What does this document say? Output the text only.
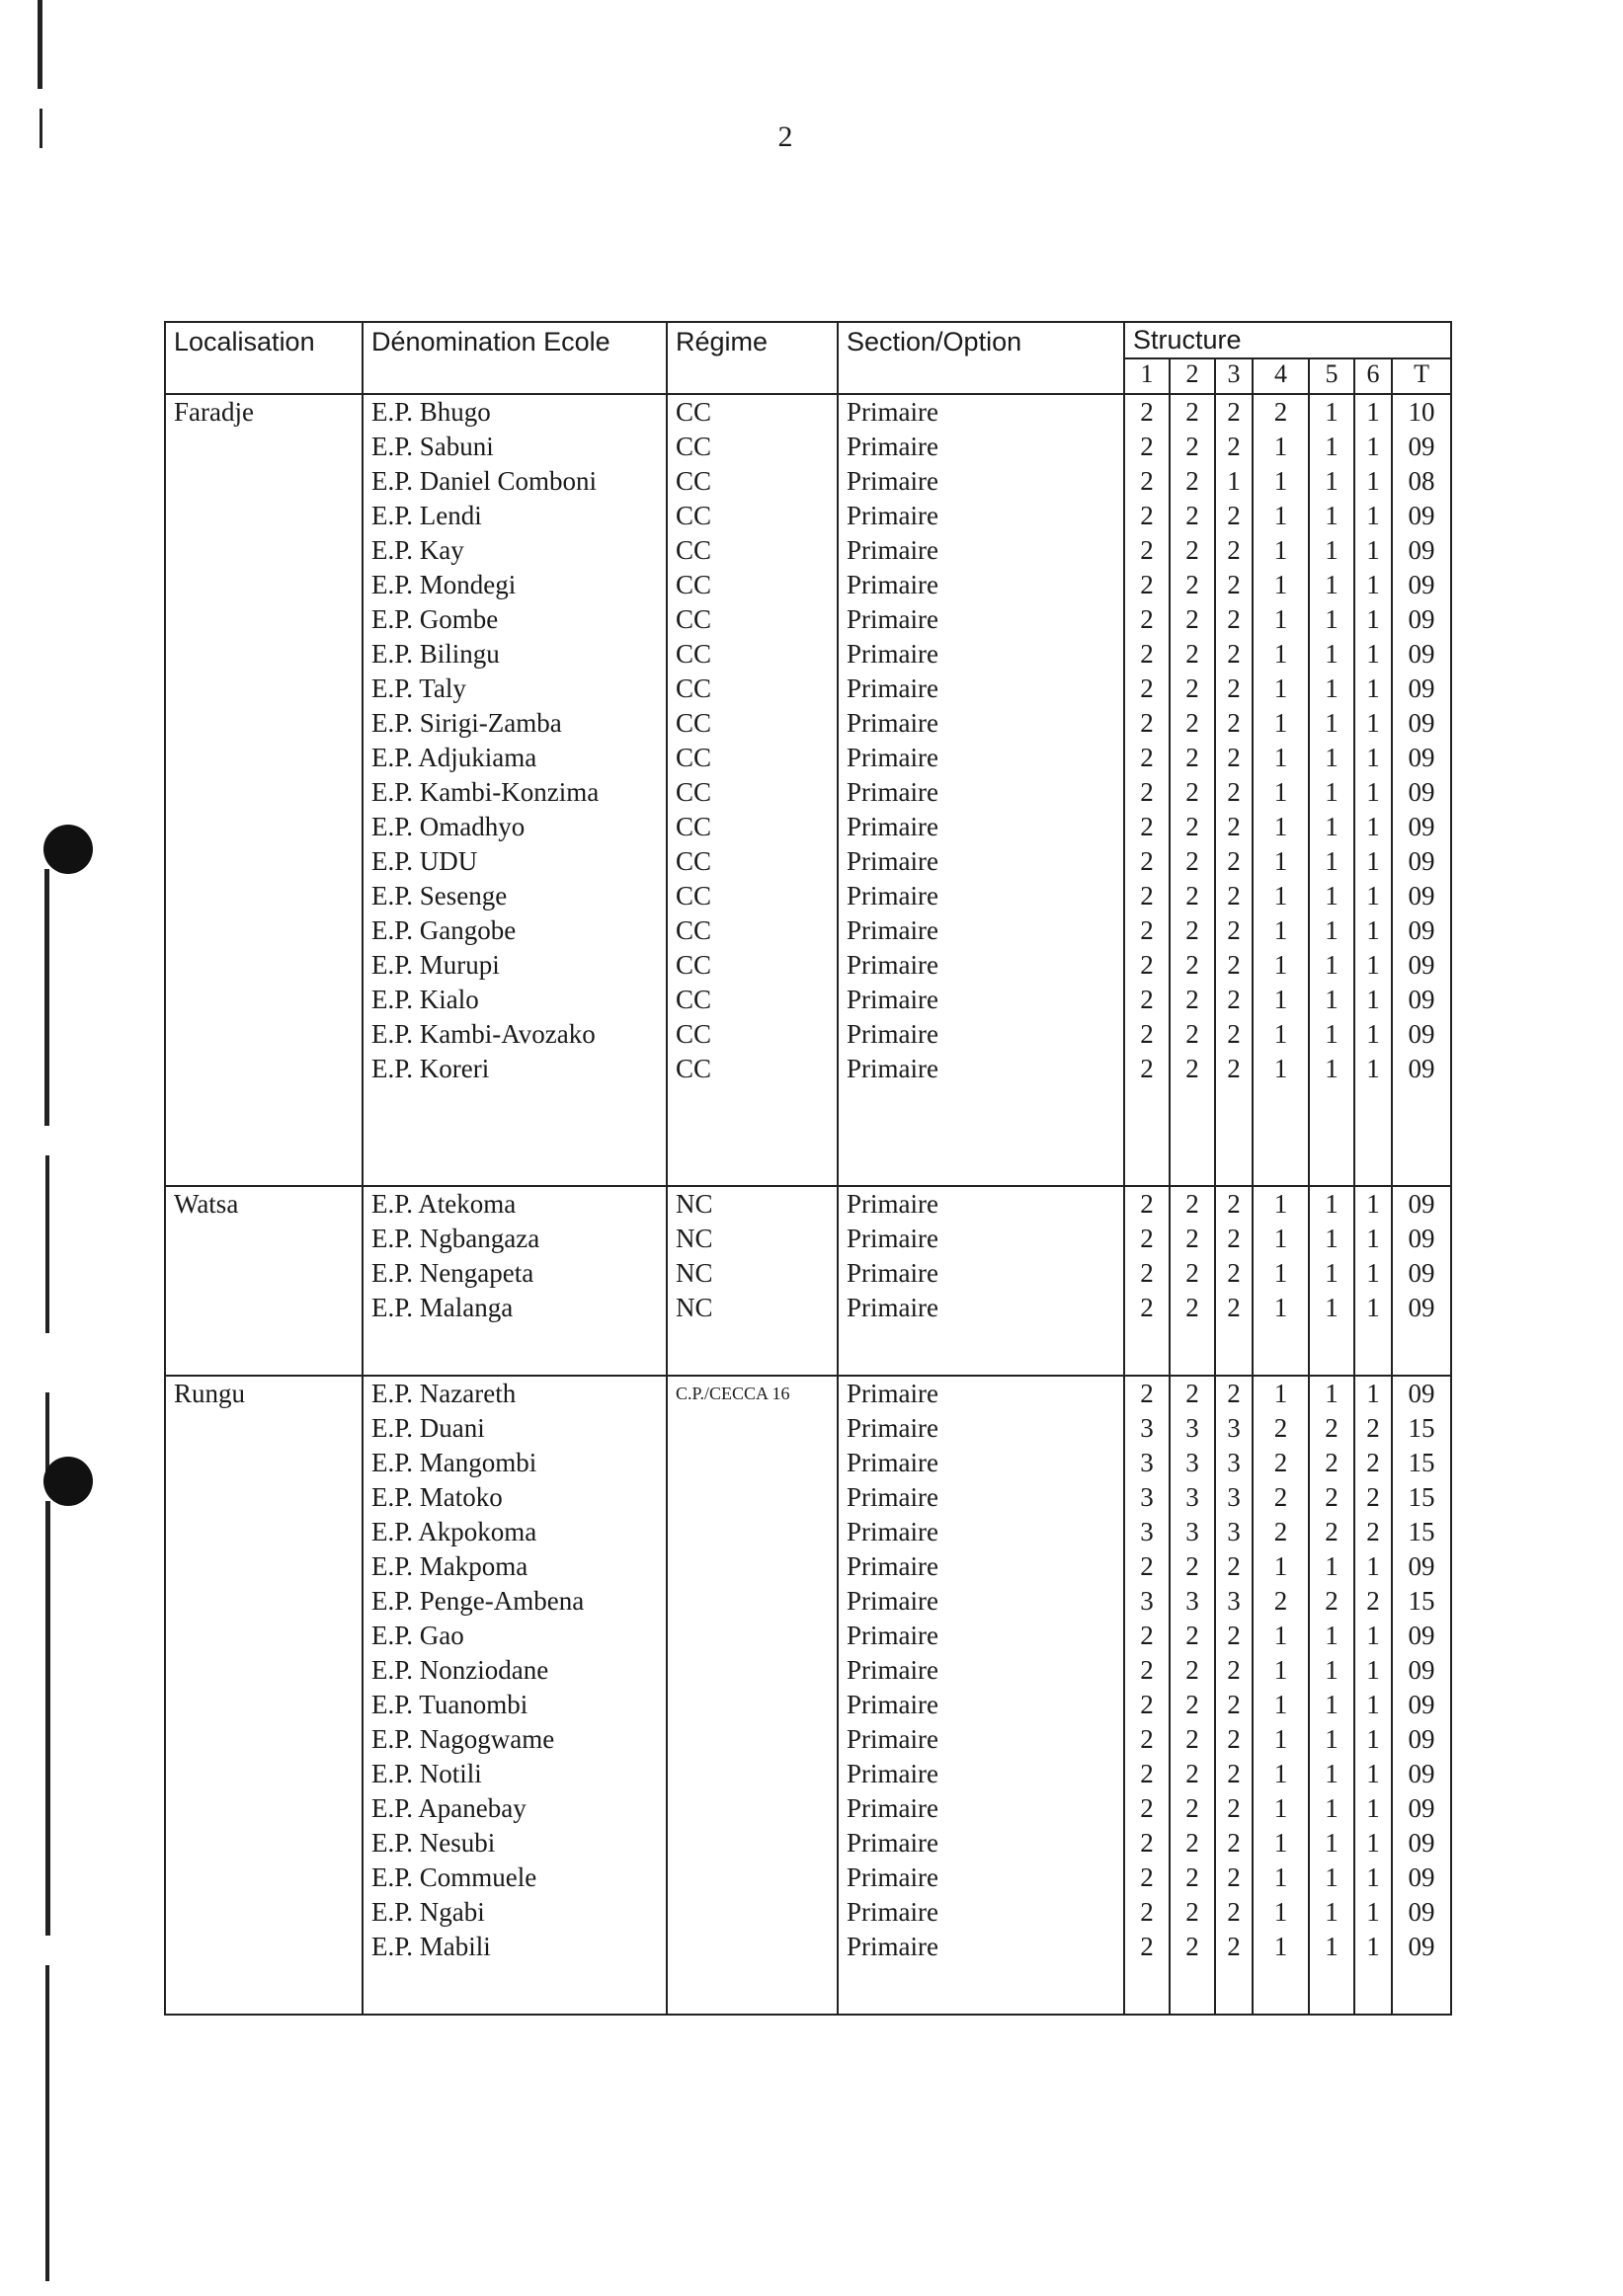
2
Localisation	Dénomination Ecole	Régime	Section/Option	Structure						
				1	2	3	4	5	6	T
Faradje	E.P. Bhugo	CC	Primaire	2	2	2	2	1	1	10
	E.P. Sabuni	CC	Primaire	2	2	2	1	1	1	09
	E.P. Daniel Comboni	CC	Primaire	2	2	1	1	1	1	08
	E.P. Lendi	CC	Primaire	2	2	2	1	1	1	09
	E.P. Kay	CC	Primaire	2	2	2	1	1	1	09
	E.P. Mondegi	CC	Primaire	2	2	2	1	1	1	09
	E.P. Gombe	CC	Primaire	2	2	2	1	1	1	09
	E.P. Bilingu	CC	Primaire	2	2	2	1	1	1	09
	E.P. Taly	CC	Primaire	2	2	2	1	1	1	09
	E.P. Sirigi-Zamba	CC	Primaire	2	2	2	1	1	1	09
	E.P. Adjukiama	CC	Primaire	2	2	2	1	1	1	09
	E.P. Kambi-Konzima	CC	Primaire	2	2	2	1	1	1	09
	E.P. Omadhyo	CC	Primaire	2	2	2	1	1	1	09
	E.P. UDU	CC	Primaire	2	2	2	1	1	1	09
	E.P. Sesenge	CC	Primaire	2	2	2	1	1	1	09
	E.P. Gangobe	CC	Primaire	2	2	2	1	1	1	09
	E.P. Murupi	CC	Primaire	2	2	2	1	1	1	09
	E.P. Kialo	CC	Primaire	2	2	2	1	1	1	09
	E.P. Kambi-Avozako	CC	Primaire	2	2	2	1	1	1	09
	E.P. Koreri	CC	Primaire	2	2	2	1	1	1	09

Watsa	E.P. Atekoma	NC	Primaire	2	2	2	1	1	1	09
	E.P. Ngbangaza	NC	Primaire	2	2	2	1	1	1	09
	E.P. Nengapeta	NC	Primaire	2	2	2	1	1	1	09
	E.P. Malanga	NC	Primaire	2	2	2	1	1	1	09

Rungu	E.P. Nazareth	C.P./CECCA 16	Primaire	2	2	2	1	1	1	09
	E.P. Duani		Primaire	3	3	3	2	2	2	15
	E.P. Mangombi		Primaire	3	3	3	2	2	2	15
	E.P. Matoko		Primaire	3	3	3	2	2	2	15
	E.P. Akpokoma		Primaire	3	3	3	2	2	2	15
	E.P. Makpoma		Primaire	2	2	2	1	1	1	09
	E.P. Penge-Ambena		Primaire	3	3	3	2	2	2	15
	E.P. Gao		Primaire	2	2	2	1	1	1	09
	E.P. Nonziodane		Primaire	2	2	2	1	1	1	09
	E.P. Tuanombi		Primaire	2	2	2	1	1	1	09
	E.P. Nagogwame		Primaire	2	2	2	1	1	1	09
	E.P. Notili		Primaire	2	2	2	1	1	1	09
	E.P. Apanebay		Primaire	2	2	2	1	1	1	09
	E.P. Nesubi		Primaire	2	2	2	1	1	1	09
	E.P. Commuele		Primaire	2	2	2	1	1	1	09
	E.P. Ngabi		Primaire	2	2	2	1	1	1	09
	E.P. Mabili		Primaire	2	2	2	1	1	1	09
